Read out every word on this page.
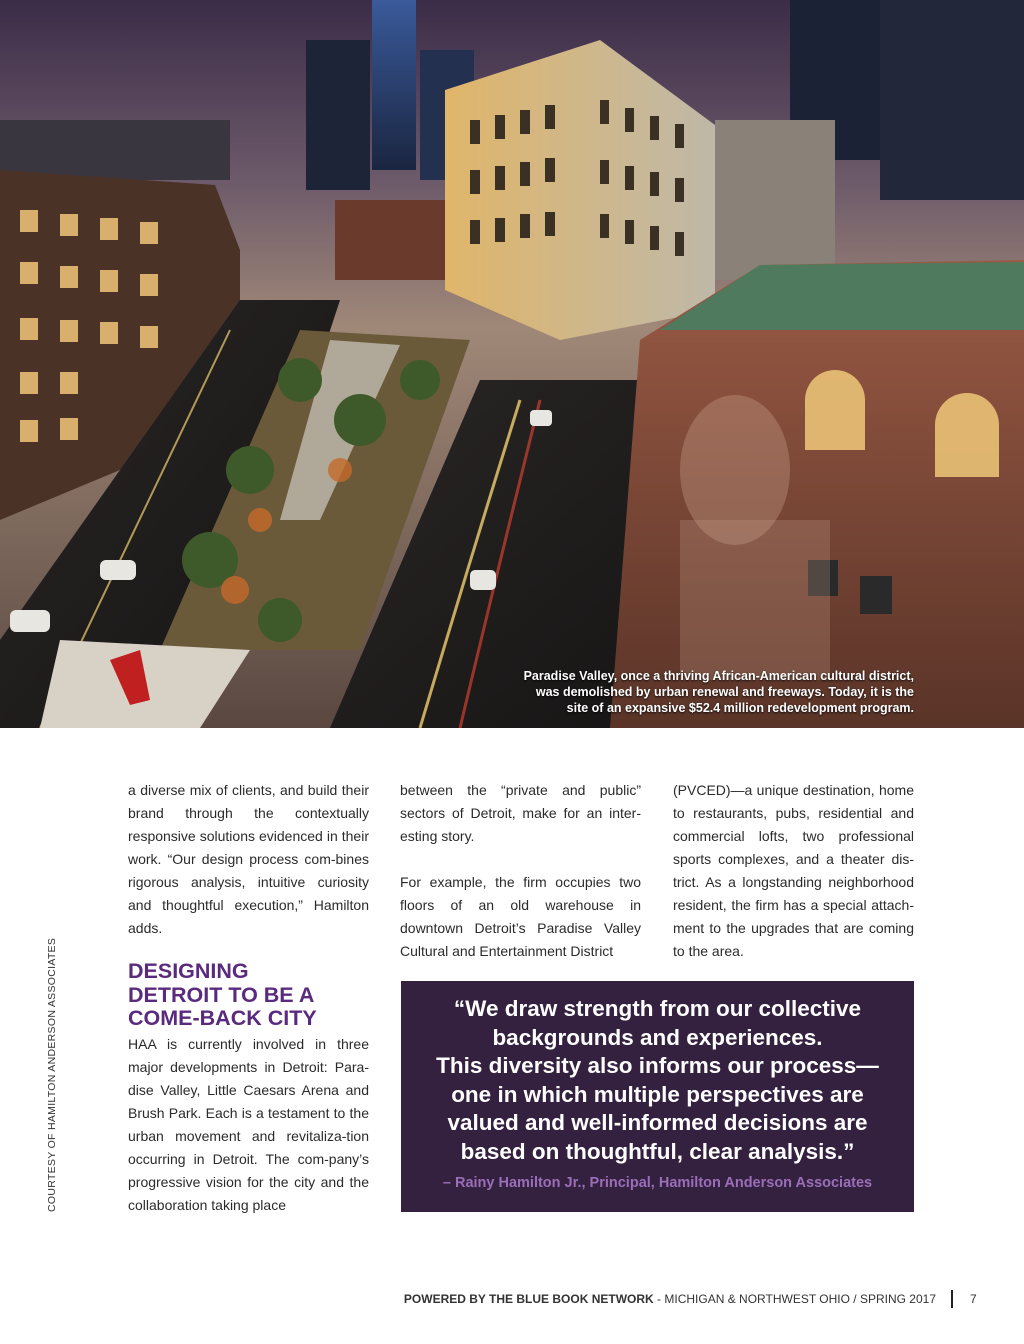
Paradise Valley, once a thriving African-American cultural district,
was demolished by urban renewal and freeways. Today, it is the
site of an expansive $52.4 million redevelopment program.
COURTESY OF HAMILTON ANDERSON ASSOCIATES

a diverse mix of clients, and build their brand through the contextually responsive solutions evidenced in their work. “Our design process com-bines rigorous analysis, intuitive curiosity and thoughtful execution,” Hamilton adds.

DESIGNING
DETROIT TO BE A
COME-BACK CITY

HAA is currently involved in three major developments in Detroit: Para-dise Valley, Little Caesars Arena and Brush Park. Each is a testament to the urban movement and revitaliza-tion occurring in Detroit. The com-pany’s progressive vision for the city and the collaboration taking place

between the “private and public” sectors of Detroit, make for an inter-esting story.

For example, the firm occupies two floors of an old warehouse in downtown Detroit’s Paradise Valley Cultural and Entertainment District

(PVCED)—a unique destination, home to restaurants, pubs, residential and commercial lofts, two professional sports complexes, and a theater dis-trict. As a longstanding neighborhood resident, the firm has a special attach-ment to the upgrades that are coming to the area.

“We draw strength from our collective
backgrounds and experiences.
This diversity also informs our process—
one in which multiple perspectives are
valued and well-informed decisions are
based on thoughtful, clear analysis.”
– Rainy Hamilton Jr., Principal, Hamilton Anderson Associates
POWERED BY THE BLUE BOOK NETWORK - MICHIGAN & NORTHWEST OHIO / SPRING 2017	7
